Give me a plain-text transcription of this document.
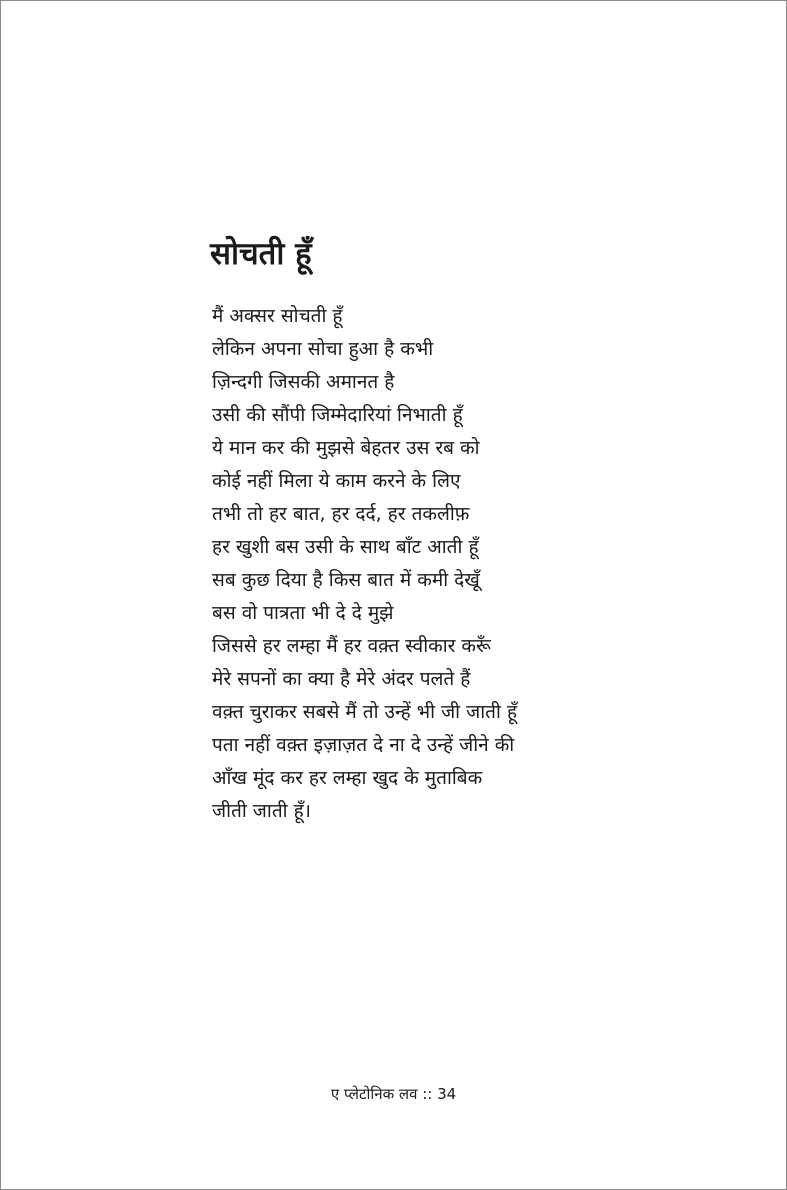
सोचती हूँ
मैं अक्सर सोचती हूँ
लेकिन अपना सोचा हुआ है कभी
ज़िन्दगी जिसकी अमानत है
उसी की सौंपी जिम्मेदारियां निभाती हूँ
ये मान कर की मुझसे बेहतर उस रब को
कोई नहीं मिला ये काम करने के लिए
तभी तो हर बात, हर दर्द, हर तकलीफ़
हर खुशी बस उसी के साथ बाँट आती हूँ
सब कुछ दिया है किस बात में कमी देखूँ
बस वो पात्रता भी दे दे मुझे
जिससे हर लम्हा मैं हर वक़्त स्वीकार करूँ
मेरे सपनों का क्या है मेरे अंदर पलते हैं
वक़्त चुराकर सबसे मैं तो उन्हें भी जी जाती हूँ
पता नहीं वक़्त इज़ाज़त दे ना दे उन्हें जीने की
आँख मूंद कर हर लम्हा खुद के मुताबिक
जीती जाती हूँ।
ए प्लेटोनिक लव :: 34
